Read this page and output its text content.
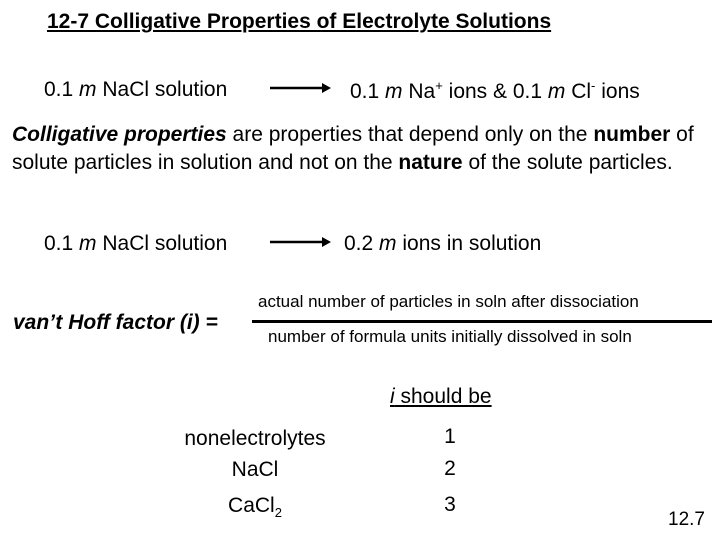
12-7 Colligative Properties of Electrolyte Solutions
0.1 m NaCl solution	0.1 m Na+ ions & 0.1 m Cl- ions
Colligative properties are properties that depend only on the number of solute particles in solution and not on the nature of the solute particles.
0.1 m NaCl solution	0.2 m ions in solution
van’t Hoff factor (i) =
actual number of particles in soln after dissociation
number of formula units initially dissolved in soln
i should be
nonelectrolytes	1
NaCl	2
CaCl$_2$	3
12.7
